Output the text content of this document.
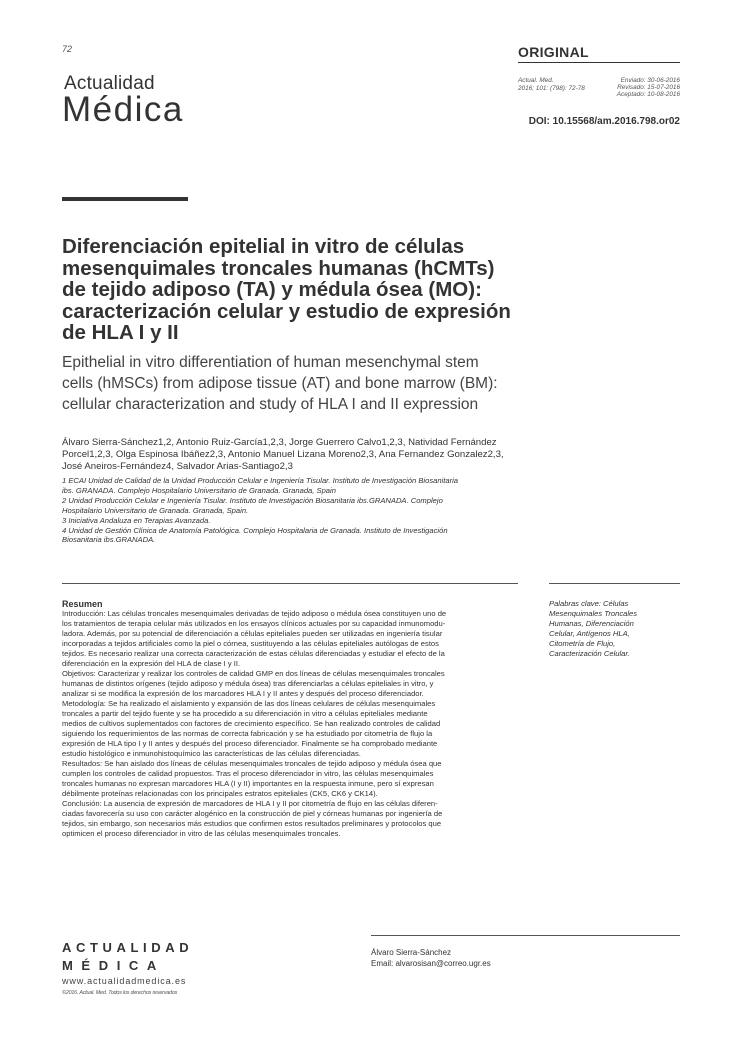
72
Actualidad
Médica
ORIGINAL
Actual. Med.
2016; 101: (798): 72-78
Enviado: 30-06-2016
Revisado: 15-07-2016
Aceptado: 10-08-2016
DOI: 10.15568/am.2016.798.or02
Diferenciación epitelial in vitro de células
mesenquimales troncales humanas (hCMTs)
de tejido adiposo (TA) y médula ósea (MO):
caracterización celular y estudio de expresión
de HLA I y II
Epithelial in vitro differentiation of human mesenchymal stem
cells (hMSCs) from adipose tissue (AT) and bone marrow (BM):
cellular characterization and study of HLA I and II expression
Álvaro Sierra-Sánchez1,2, Antonio Ruiz-García1,2,3, Jorge Guerrero Calvo1,2,3, Natividad Fernández
Porcel1,2,3, Olga Espinosa Ibáñez2,3, Antonio Manuel Lizana Moreno2,3, Ana Fernandez Gonzalez2,3,
José Aneiros-Fernández4, Salvador Arias-Santiago2,3
1 ECAI Unidad de Calidad de la Unidad Producción Celular e Ingeniería Tisular. Instituto de Investigación Biosanitaria
ibs. GRANADA. Complejo Hospitalario Universitario de Granada. Granada, Spain
2 Unidad Producción Celular e Ingeniería Tisular. Instituto de Investigación Biosanitaria ibs.GRANADA. Complejo
Hospitalario Universitario de Granada. Granada, Spain.
3 Iniciativa Andaluza en Terapias Avanzada.
4 Unidad de Gestión Clínica de Anatomía Patológica. Complejo Hospitalaria de Granada. Instituto de Investigación
Biosanitaria ibs.GRANADA.
Resumen
Introducción: Las células troncales mesenquimales derivadas de tejido adiposo o médula ósea constituyen uno de
los tratamientos de terapia celular más utilizados en los ensayos clínicos actuales por su capacidad inmunomodu-
ladora. Además, por su potencial de diferenciación a células epiteliales pueden ser utilizadas en ingeniería tisular
incorporadas a tejidos artificiales como la piel o córnea, sustituyendo a las células epiteliales autólogas de estos
tejidos. Es necesario realizar una correcta caracterización de estas células diferenciadas y estudiar el efecto de la
diferenciación en la expresión del HLA de clase I y II.
Objetivos: Caracterizar y realizar los controles de calidad GMP en dos líneas de células mesenquimales troncales
humanas de distintos orígenes (tejido adiposo y médula ósea) tras diferenciarlas a células epiteliales in vitro, y
analizar si se modifica la expresión de los marcadores HLA I y II antes y después del proceso diferenciador.
Metodología: Se ha realizado el aislamiento y expansión de las dos líneas celulares de células mesenquimales
troncales a partir del tejido fuente y se ha procedido a su diferenciación in vitro a células epiteliales mediante
medios de cultivos suplementados con factores de crecimiento específico. Se han realizado controles de calidad
siguiendo los requerimientos de las normas de correcta fabricación y se ha estudiado por citometría de flujo la
expresión de HLA tipo I y II antes y después del proceso diferenciador. Finalmente se ha comprobado mediante
estudio histológico e inmunohistoquímico las características de las células diferenciadas.
Resultados: Se han aislado dos líneas de células mesenquimales troncales de tejido adiposo y médula ósea que
cumplen los controles de calidad propuestos. Tras el proceso diferenciador in vitro, las células mesenquimales
troncales humanas no expresan marcadores HLA (I y II) importantes en la respuesta inmune, pero sí expresan
débilmente proteínas relacionadas con los principales estratos epiteliales (CK5, CK6 y CK14).
Conclusión: La ausencia de expresión de marcadores de HLA I y II por citometría de flujo en las células diferen-
ciadas favorecería su uso con carácter alogénico en la construcción de piel y córneas humanas por ingeniería de
tejidos, sin embargo, son necesarios más estudios que confirmen estos resultados preliminares y protocolos que
optimicen el proceso diferenciador in vitro de las células mesenquimales troncales.
Palabras clave: Células
Mesenquimales Troncales
Humanas, Diferenciación
Celular, Antígenos HLA,
Citometría de Flujo,
Caracterización Celular.
ACTUALIDAD
MÉDICA
www.actualidadmedica.es
©2016. Actual. Med. Todos los derechos reservados
Álvaro Sierra-Sánchez
Email: alvarosisan@correo.ugr.es
